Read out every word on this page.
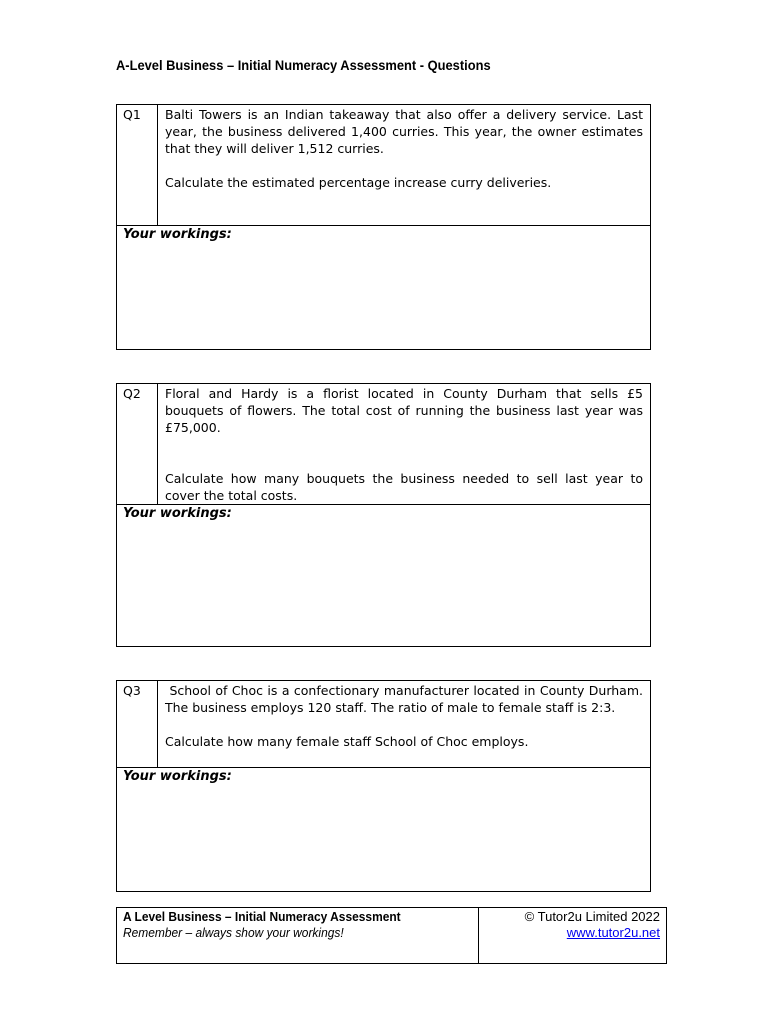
A-Level Business – Initial Numeracy Assessment - Questions
Q1	Balti Towers is an Indian takeaway that also offer a delivery service. Last year, the business delivered 1,400 curries. This year, the owner estimates that they will deliver 1,512 curries.

Calculate the estimated percentage increase curry deliveries.

Your workings:
Q2	Floral and Hardy is a florist located in County Durham that sells £5 bouquets of flowers. The total cost of running the business last year was £75,000.

Calculate how many bouquets the business needed to sell last year to cover the total costs.

Your workings:
Q3	School of Choc is a confectionary manufacturer located in County Durham. The business employs 120 staff. The ratio of male to female staff is 2:3.

Calculate how many female staff School of Choc employs.

Your workings:
A Level Business – Initial Numeracy Assessment
Remember – always show your workings!
© Tutor2u Limited 2022
www.tutor2u.net
